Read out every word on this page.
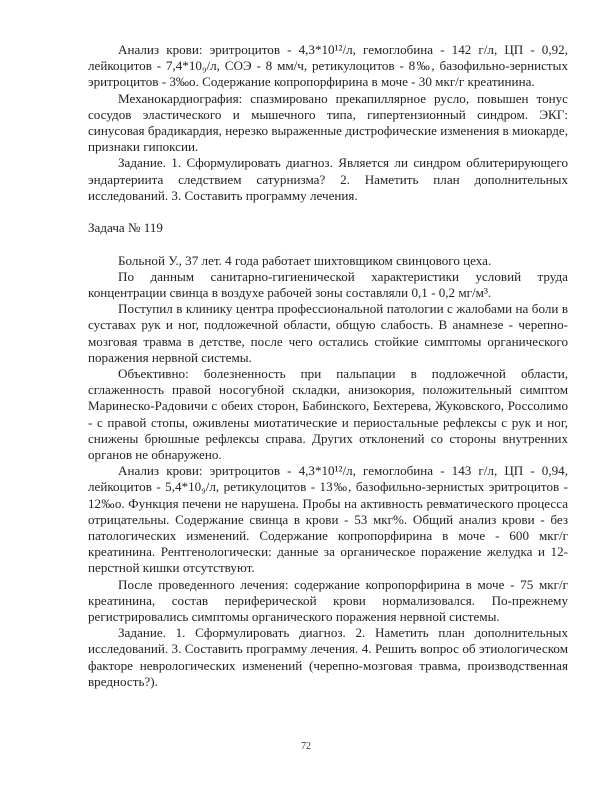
Анализ крови: эритроцитов - 4,3*10¹²/л, гемоглобина - 142 г/л, ЦП - 0,92, лейкоцитов - 7,4*10₉/л, СОЭ - 8 мм/ч, ретикулоцитов - 8‰, базофильно-зернистых эритроцитов - 3‰о. Содержание копропорфирина в моче - 30 мкг/г креатинина.

Механокардиография: спазмировано прекапиллярное русло, повышен тонус сосудов эластического и мышечного типа, гипертензионный синдром. ЭКГ: синусовая брадикардия, нерезко выраженные дистрофические изменения в миокарде, признаки гипоксии.

Задание. 1. Сформулировать диагноз. Является ли синдром облитерирующего эндартериита следствием сатурнизма? 2. Наметить план дополнительных исследований. 3. Составить программу лечения.

Задача № 119

Больной У., 37 лет. 4 года работает шихтовщиком свинцового цеха.

По данным санитарно-гигиенической характеристики условий труда концентрации свинца в воздухе рабочей зоны составляли 0,1 - 0,2 мг/м³.

Поступил в клинику центра профессиональной патологии с жалобами на боли в суставах рук и ног, подложечной области, общую слабость. В анамнезе - черепно-мозговая травма в детстве, после чего остались стойкие симптомы органического поражения нервной системы.

Объективно: болезненность при пальпации в подложечной области, сглаженность правой носогубной складки, анизокория, положительный симптом Маринеско-Радовичи с обеих сторон, Бабинского, Бехтерева, Жуковского, Россолимо - с правой стопы, оживлены миотатические и периостальные рефлексы с рук и ног, снижены брюшные рефлексы справа. Других отклонений со стороны внутренних органов не обнаружено.

Анализ крови: эритроцитов - 4,3*10¹²/л, гемоглобина - 143 г/л, ЦП - 0,94, лейкоцитов - 5,4*10₉/л, ретикулоцитов - 13‰, базофильно-зернистых эритроцитов - 12‰о. Функция печени не нарушена. Пробы на активность ревматического процесса отрицательны. Содержание свинца в крови - 53 мкг%. Общий анализ крови - без патологических изменений. Содержание копропорфирина в моче - 600 мкг/г креатинина. Рентгенологически: данные за органическое поражение желудка и 12-перстной кишки отсутствуют.

После проведенного лечения: содержание копропорфирина в моче - 75 мкг/г креатинина, состав периферической крови нормализовался. По-прежнему регистрировались симптомы органического поражения нервной системы.

Задание. 1. Сформулировать диагноз. 2. Наметить план дополнительных исследований. 3. Составить программу лечения. 4. Решить вопрос об этиологическом факторе неврологических изменений (черепно-мозговая травма, производственная вредность?).

72
